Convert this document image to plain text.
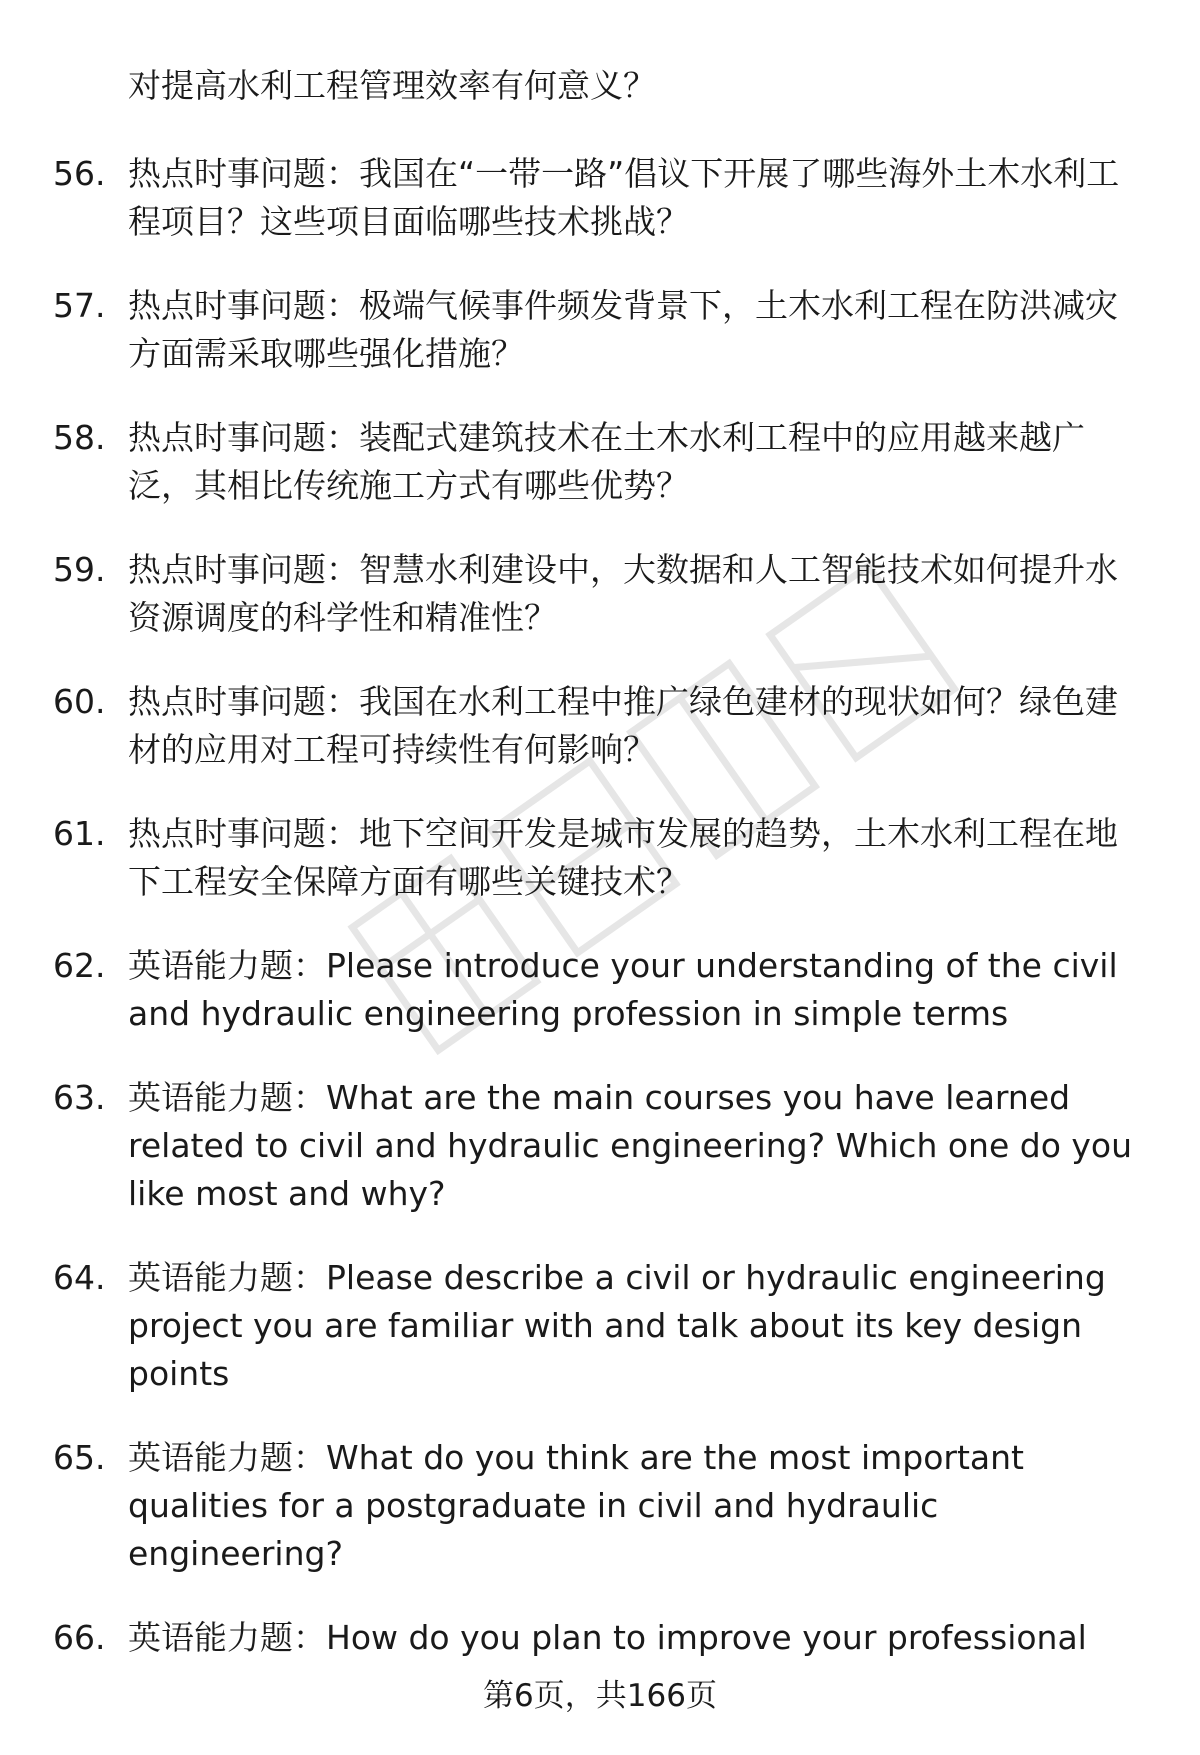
对提高水利工程管理效率有何意义？
56. 热点时事问题：我国在“一带一路”倡议下开展了哪些海外土木水利工程项目？这些项目面临哪些技术挑战？
57. 热点时事问题：极端气候事件频发背景下，土木水利工程在防洪减灾方面需采取哪些强化措施？
58. 热点时事问题：装配式建筑技术在土木水利工程中的应用越来越广泛，其相比传统施工方式有哪些优势？
59. 热点时事问题：智慧水利建设中，大数据和人工智能技术如何提升水资源调度的科学性和精准性？
60. 热点时事问题：我国在水利工程中推广绿色建材的现状如何？绿色建材的应用对工程可持续性有何影响？
61. 热点时事问题：地下空间开发是城市发展的趋势，土木水利工程在地下工程安全保障方面有哪些关键技术？
62. 英语能力题：Please introduce your understanding of the civil and hydraulic engineering profession in simple terms
63. 英语能力题：What are the main courses you have learned related to civil and hydraulic engineering? Which one do you like most and why?
64. 英语能力题：Please describe a civil or hydraulic engineering project you are familiar with and talk about its key design points
65. 英语能力题：What do you think are the most important qualities for a postgraduate in civil and hydraulic engineering?
66. 英语能力题：How do you plan to improve your professional
第6页，共166页
